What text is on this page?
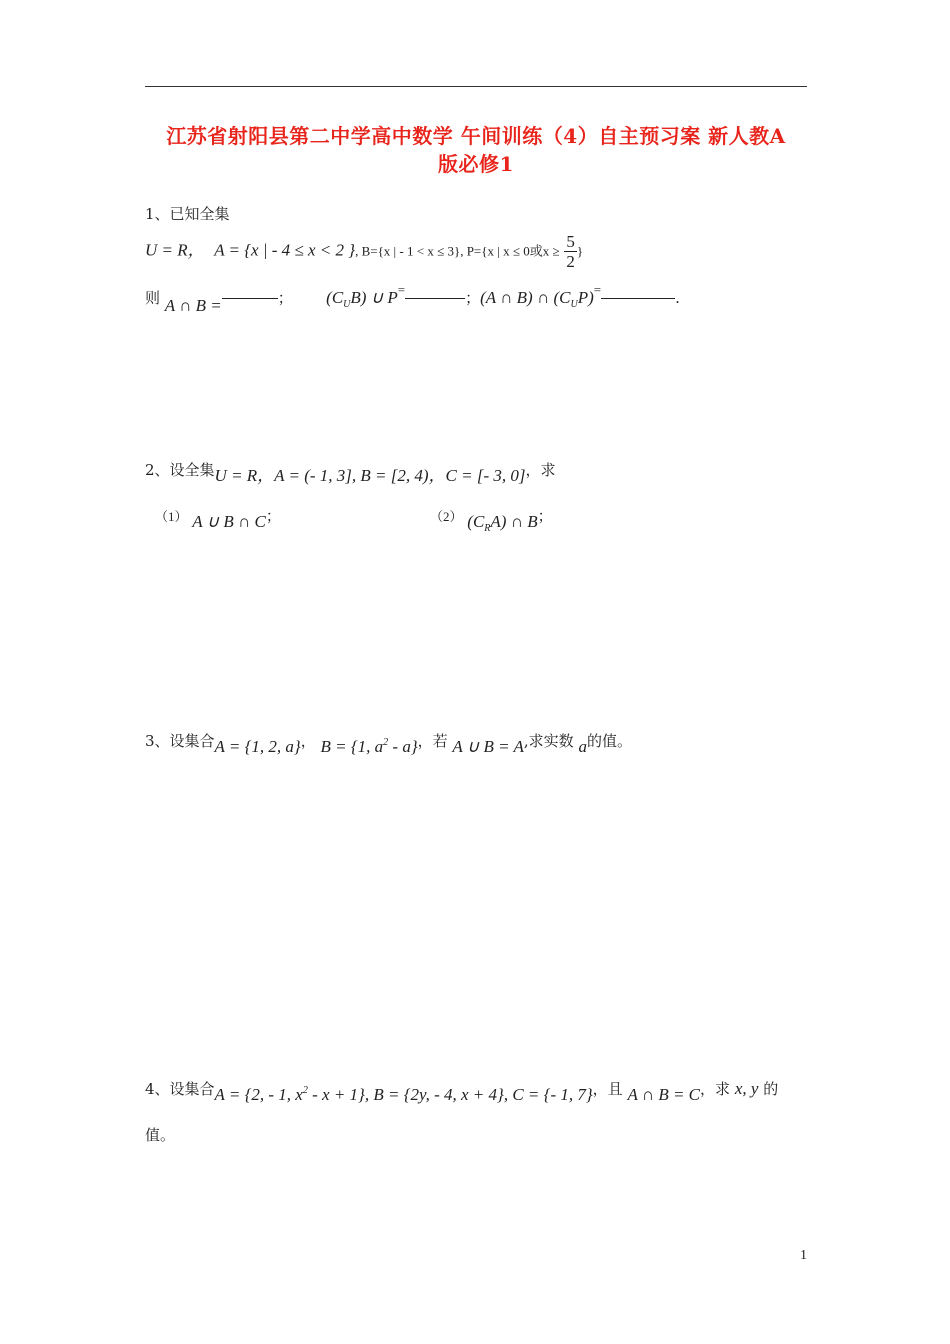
江苏省射阳县第二中学高中数学 午间训练（4）自主预习案 新人教A
版必修1
1、已知全集
U = R， A = {x | - 4 ≤ x < 2 }, B={x | - 1 < x ≤ 3}, P={x | x ≤ 0或$x \ge \frac{5}{2}$ }
则 A ∩ B =	； $(C_UB)$ ∪ P=	；(A ∩ B) ∩ $(C_UP)=$	.
2、设全集U = R，A = (- 1, 3], B = [2, 4)，C = [- 3, 0]，求
（1） A ∪ B ∩ C；	（2） $(C_RA)$ ∩ B；
3、设集合A = {1, 2, a}， B = {1, $a^2 - a$}，若 A ∪ B = A,求实数 a的值。
4、设集合A = {2, - 1, $x^2 - x + 1$}, B = {2y, - 4, x + 4}, C = {- 1, 7}，且 A ∩ B = C，求 x, y 的
值。
1
